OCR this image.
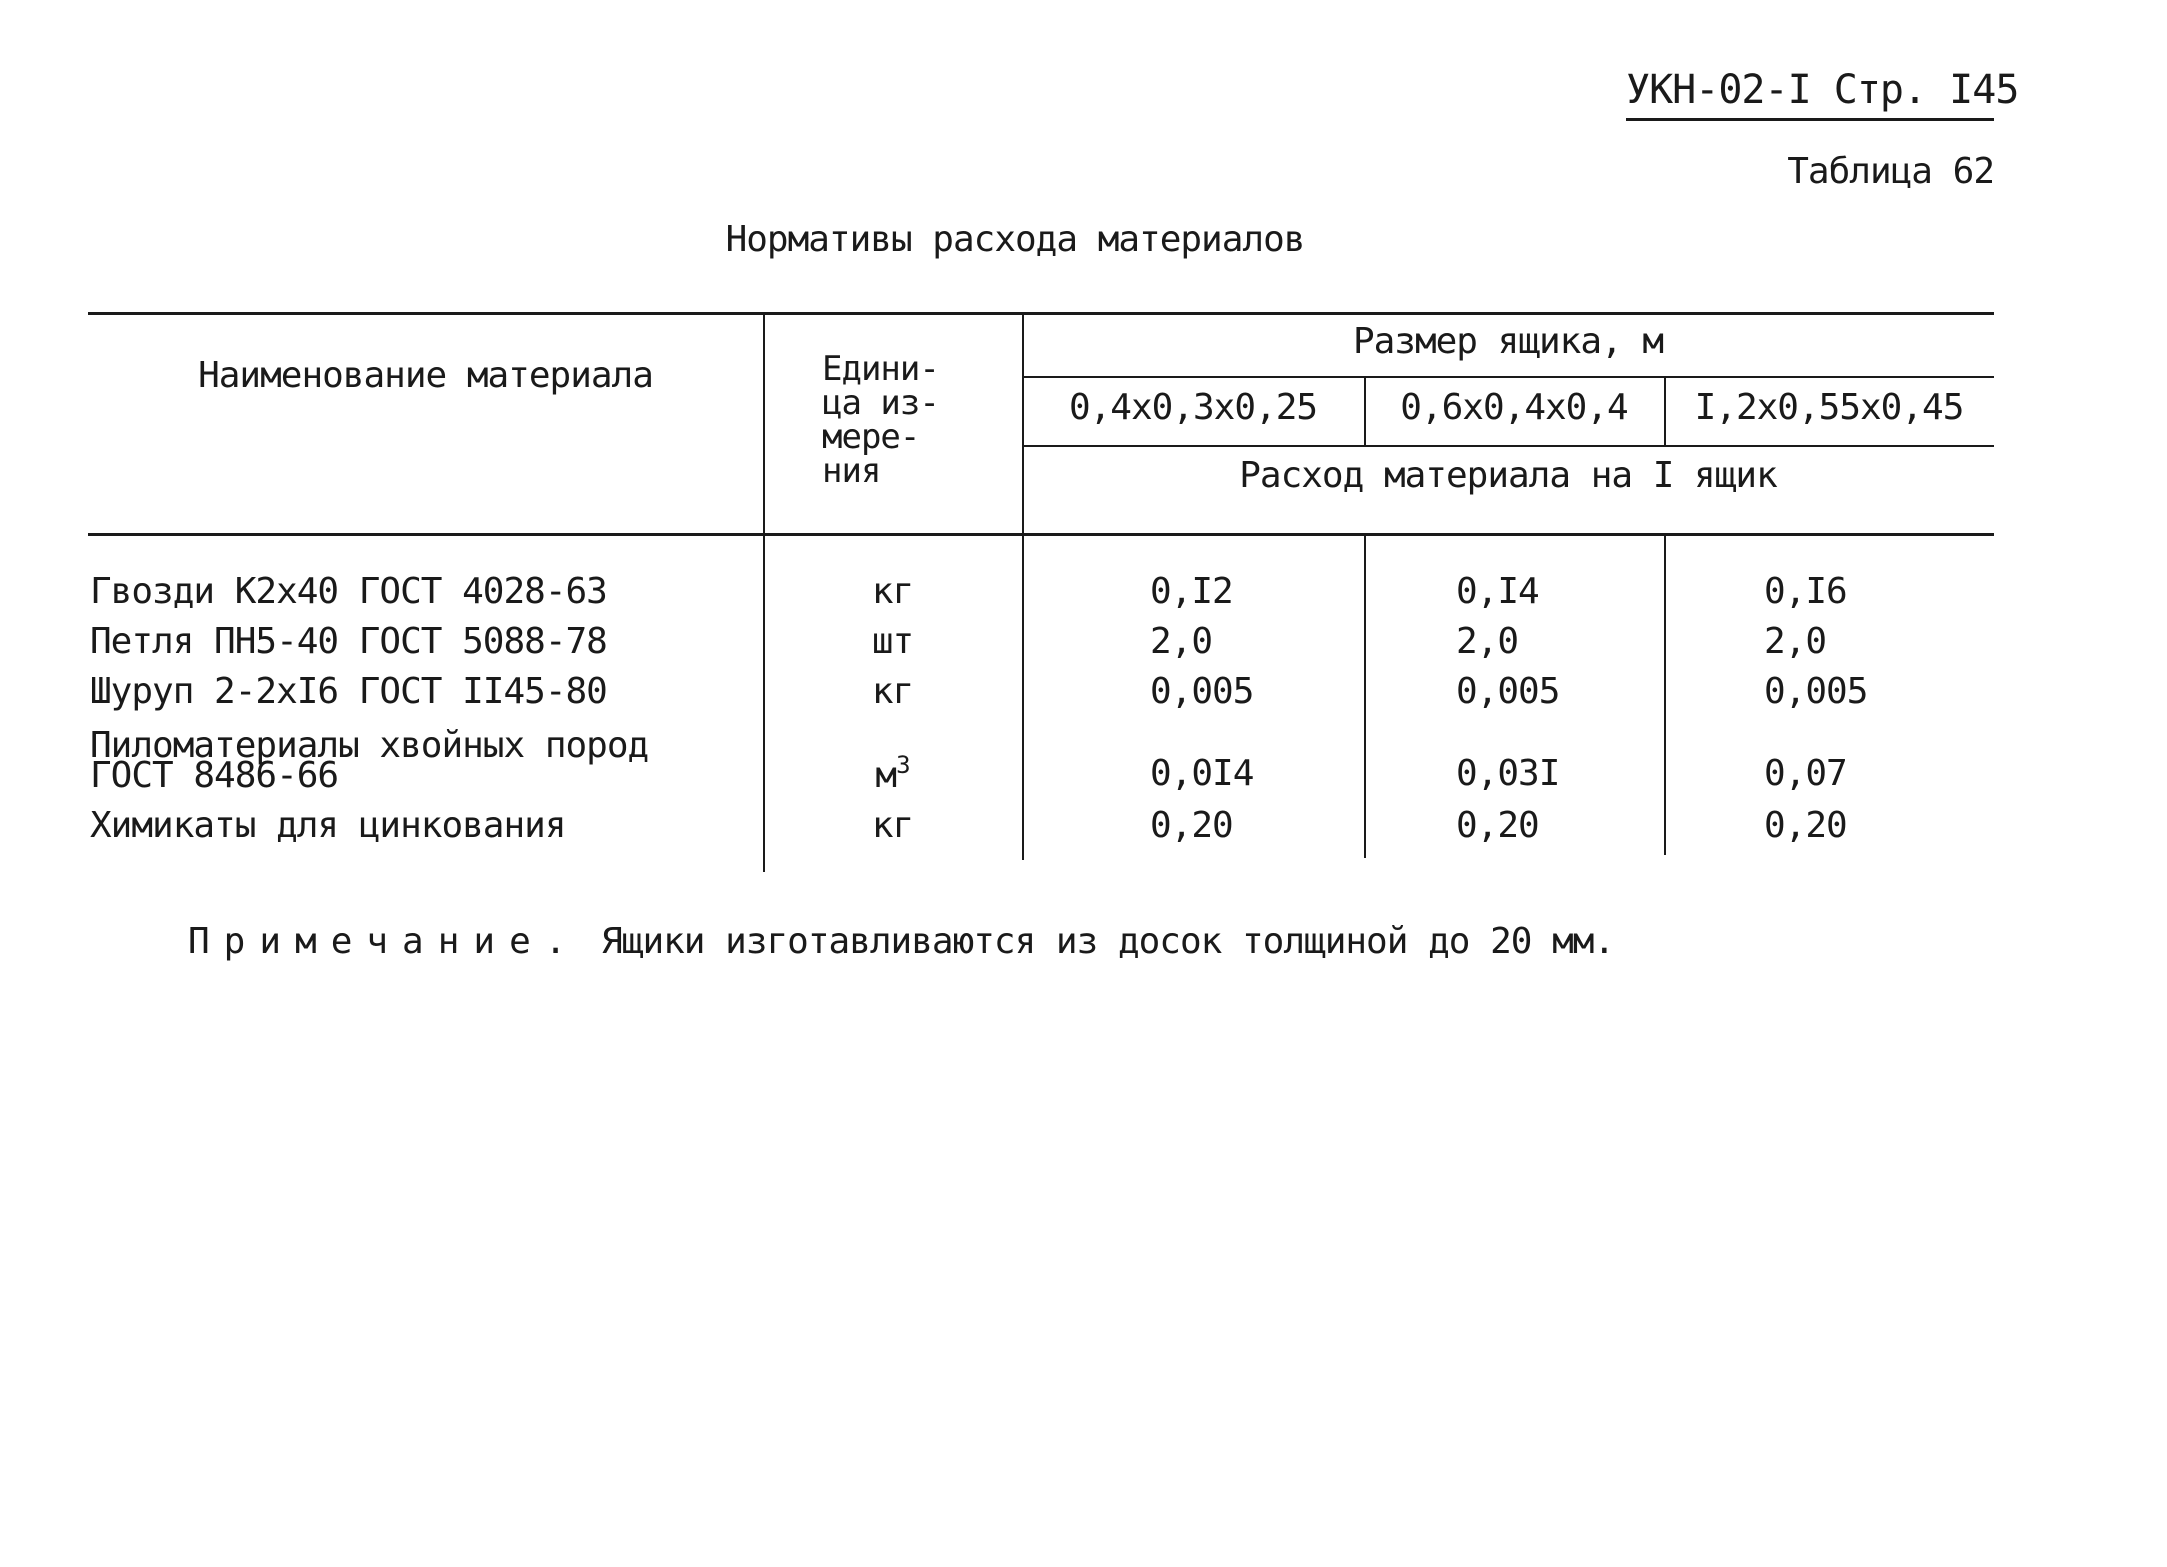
УКН-02-I Стр. I45
Таблица 62
Нормативы расхода материалов
Наименование материала	Едини-
ца из-
мере-
ния
Размер ящика, м
0,4х0,3х0,25	0,6х0,4х0,4	I,2х0,55х0,45
Расход материала на I ящик
Гвозди К2х40 ГОСТ 4028-63	кг	0,I2	0,I4	0,I6
Петля ПН5-40 ГОСТ 5088-78	шт	2,0	2,0	2,0
Шуруп 2-2хI6 ГОСТ II45-80	кг	0,005	0,005	0,005
Пиломатериалы хвойных пород
ГОСТ 8486-66	$м^3$	0,0I4	0,03I	0,07
Химикаты для цинкования	кг	0,20	0,20	0,20
Примечание. Ящики изготавливаются из досок толщиной до 20 мм.
